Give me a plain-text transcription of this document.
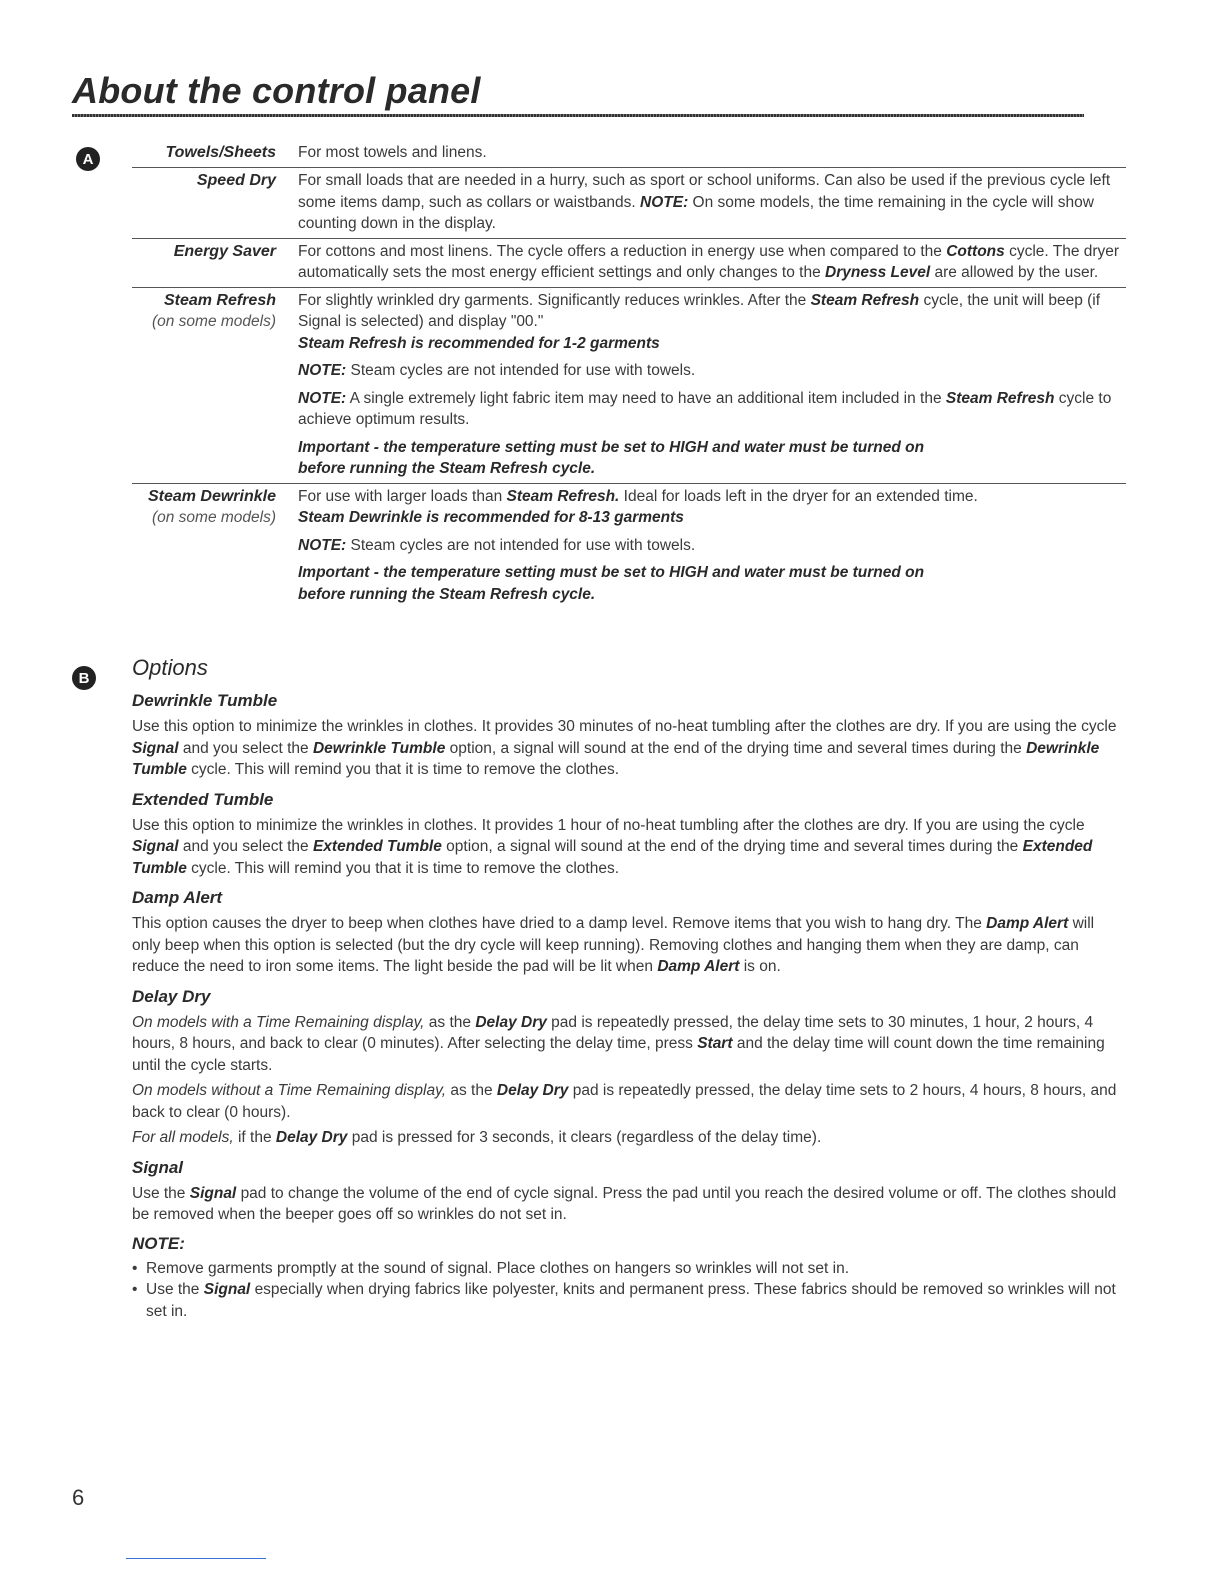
About the control panel
A	Towels/Sheets For most towels and linens.
Speed Dry For small loads that are needed in a hurry, such as sport or school uniforms. Can also be used if the previous cycle left some items damp, such as collars or waistbands. NOTE: On some models, the time remaining in the cycle will show counting down in the display.
Energy Saver For cottons and most linens. The cycle offers a reduction in energy use when compared to the Cottons cycle. The dryer automatically sets the most energy efficient settings and only changes to the Dryness Level are allowed by the user.
Steam Refresh
(on some models)

For slightly wrinkled dry garments. Significantly reduces wrinkles. After the Steam Refresh cycle, the unit will beep (if Signal is selected) and display "00."

Steam Refresh is recommended for 1-2 garments

NOTE: Steam cycles are not intended for use with towels.

NOTE: A single extremely light fabric item may need to have an additional item included in the Steam Refresh cycle to achieve optimum results.

Important - the temperature setting must be set to HIGH and water must be turned on
before running the Steam Refresh cycle.

Steam Dewrinkle
(on some models)

For use with larger loads than Steam Refresh. Ideal for loads left in the dryer for an extended time.

Steam Dewrinkle is recommended for 8-13 garments

NOTE: Steam cycles are not intended for use with towels.

Important - the temperature setting must be set to HIGH and water must be turned on
before running the Steam Refresh cycle.

B Options
Dewrinkle Tumble

Use this option to minimize the wrinkles in clothes. It provides 30 minutes of no-heat tumbling after the clothes are dry. If you are using the cycle Signal and you select the Dewrinkle Tumble option, a signal will sound at the end of the drying time and several times during the Dewrinkle Tumble cycle. This will remind you that it is time to remove the clothes.

Extended Tumble

Use this option to minimize the wrinkles in clothes. It provides 1 hour of no-heat tumbling after the clothes are dry. If you are using the cycle Signal and you select the Extended Tumble option, a signal will sound at the end of the drying time and several times during the Extended Tumble cycle. This will remind you that it is time to remove the clothes.

Damp Alert

This option causes the dryer to beep when clothes have dried to a damp level. Remove items that you wish to hang dry. The Damp Alert will only beep when this option is selected (but the dry cycle will keep running). Removing clothes and hanging them when they are damp, can reduce the need to iron some items. The light beside the pad will be lit when Damp Alert is on.

Delay Dry

On models with a Time Remaining display, as the Delay Dry pad is repeatedly pressed, the delay time sets to 30 minutes, 1 hour, 2 hours, 4 hours, 8 hours, and back to clear (0 minutes). After selecting the delay time, press Start and the delay time will count down the time remaining until the cycle starts.

On models without a Time Remaining display, as the Delay Dry pad is repeatedly pressed, the delay time sets to 2 hours, 4 hours, 8 hours, and back to clear (0 hours).

For all models, if the Delay Dry pad is pressed for 3 seconds, it clears (regardless of the delay time).

Signal

Use the Signal pad to change the volume of the end of cycle signal. Press the pad until you reach the desired volume or off. The clothes should be removed when the beeper goes off so wrinkles do not set in.

NOTE:
• Remove garments promptly at the sound of signal. Place clothes on hangers so wrinkles will not set in.
• Use the Signal especially when drying fabrics like polyester, knits and permanent press. These fabrics should be removed so wrinkles will not set in.
6
